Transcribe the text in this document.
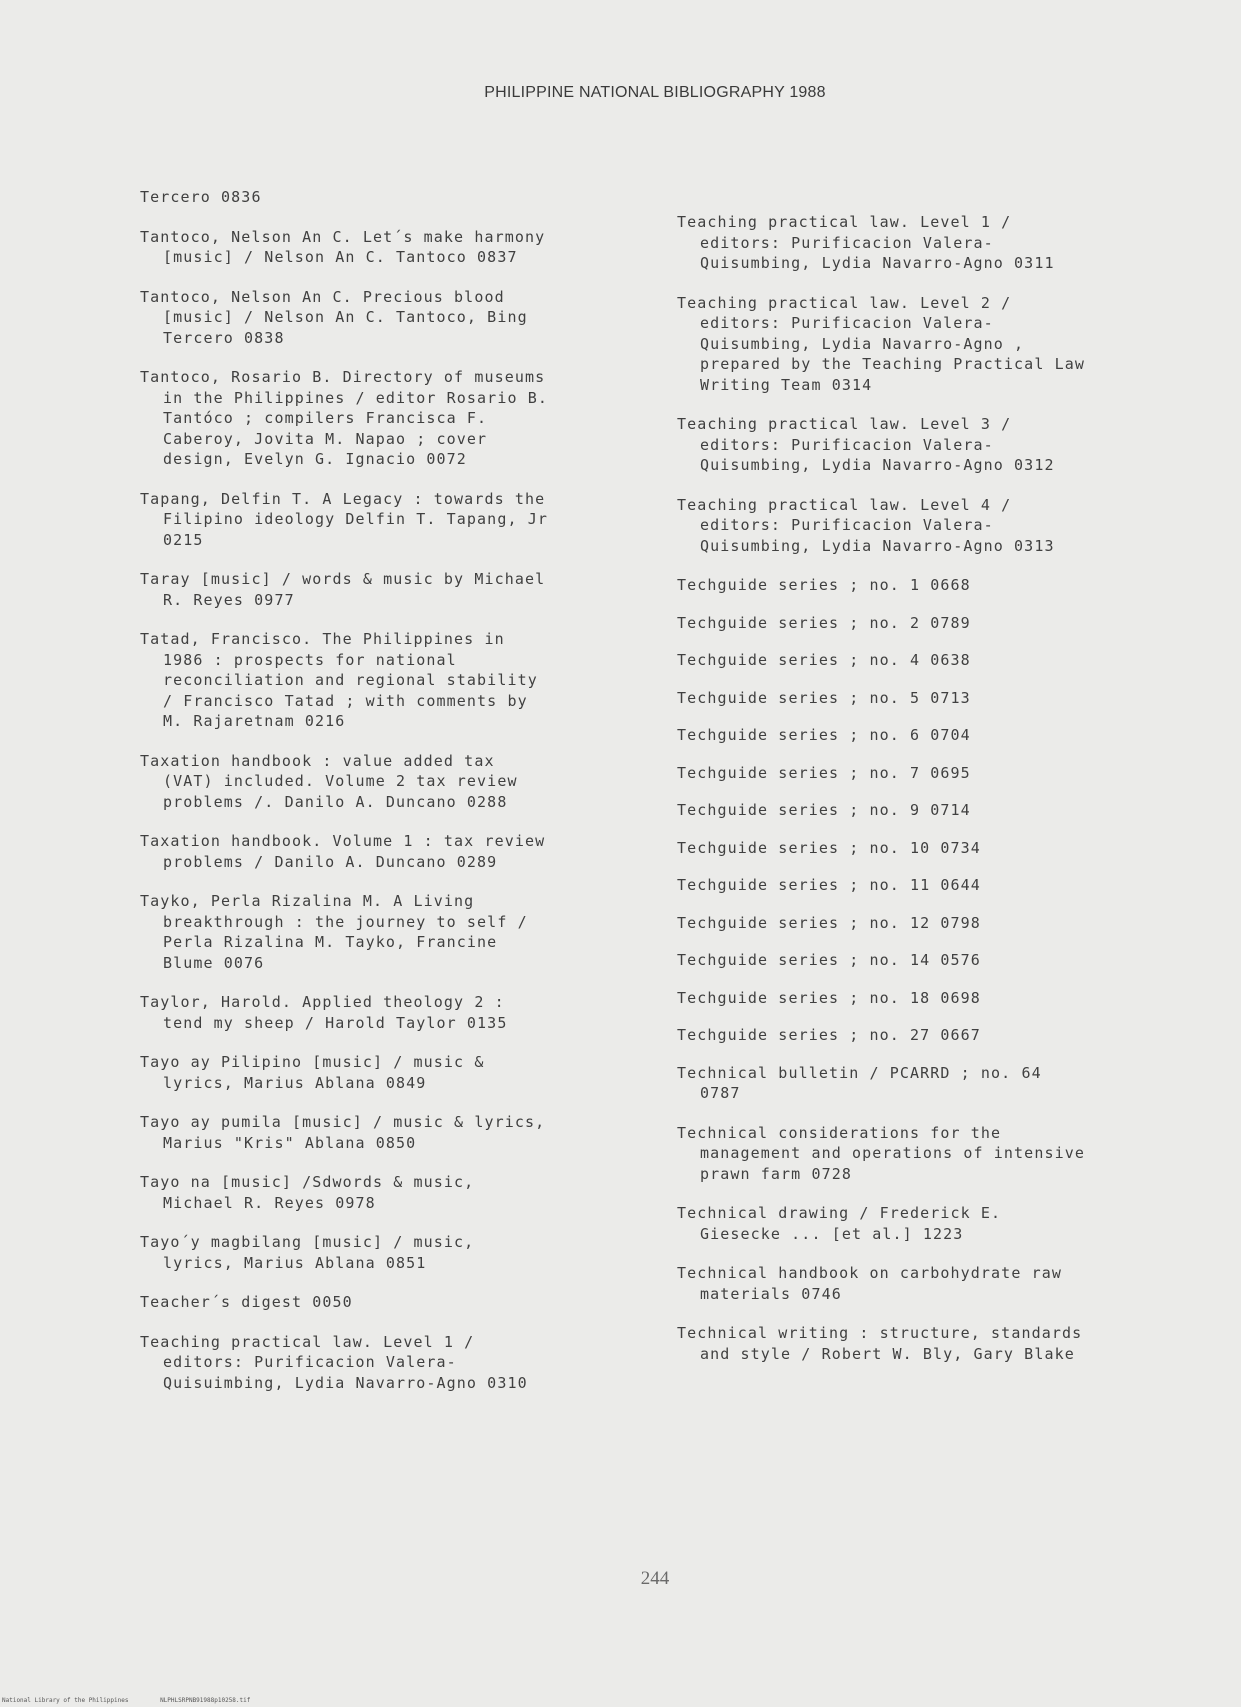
PHILIPPINE NATIONAL BIBLIOGRAPHY 1988
Tercero 0836
Tantoco, Nelson An C. Let´s make harmony
[music] / Nelson An C. Tantoco 0837
Tantoco, Nelson An C. Precious blood
[music] / Nelson An C. Tantoco, Bing
Tercero 0838
Tantoco, Rosario B. Directory of museums
in the Philippines / editor Rosario B.
Tantóco ; compilers Francisca F.
Caberoy, Jovita M. Napao ; cover
design, Evelyn G. Ignacio 0072
Tapang, Delfin T. A Legacy : towards the
Filipino ideology Delfin T. Tapang, Jr
0215
Taray [music] / words & music by Michael
R. Reyes 0977
Tatad, Francisco. The Philippines in
1986 : prospects for national
reconciliation and regional stability
/ Francisco Tatad ; with comments by
M. Rajaretnam 0216
Taxation handbook : value added tax
(VAT) included. Volume 2 tax review
problems /. Danilo A. Duncano 0288
Taxation handbook. Volume 1 : tax review
problems / Danilo A. Duncano 0289
Tayko, Perla Rizalina M. A Living
breakthrough : the journey to self /
Perla Rizalina M. Tayko, Francine
Blume 0076
Taylor, Harold. Applied theology 2 :
tend my sheep / Harold Taylor 0135
Tayo ay Pilipino [music] / music &
lyrics, Marius Ablana 0849
Tayo ay pumila [music] / music & lyrics,
Marius "Kris" Ablana 0850
Tayo na [music] /Sdwords & music,
Michael R. Reyes 0978
Tayo´y magbilang [music] / music,
lyrics, Marius Ablana 0851
Teacher´s digest 0050
Teaching practical law. Level 1 /
editors: Purificacion Valera-
Quisuimbing, Lydia Navarro-Agno 0310
Teaching practical law. Level 1 /
editors: Purificacion Valera-
Quisumbing, Lydia Navarro-Agno 0311
Teaching practical law. Level 2 /
editors: Purificacion Valera-
Quisumbing, Lydia Navarro-Agno ,
prepared by the Teaching Practical Law
Writing Team 0314
Teaching practical law. Level 3 /
editors: Purificacion Valera-
Quisumbing, Lydia Navarro-Agno 0312
Teaching practical law. Level 4 /
editors: Purificacion Valera-
Quisumbing, Lydia Navarro-Agno 0313
Techguide series ; no. 1 0668
Techguide series ; no. 2 0789
Techguide series ; no. 4 0638
Techguide series ; no. 5 0713
Techguide series ; no. 6 0704
Techguide series ; no. 7 0695
Techguide series ; no. 9 0714
Techguide series ; no. 10 0734
Techguide series ; no. 11 0644
Techguide series ; no. 12 0798
Techguide series ; no. 14 0576
Techguide series ; no. 18 0698
Techguide series ; no. 27 0667
Technical bulletin / PCARRD ; no. 64
0787
Technical considerations for the
management and operations of intensive
prawn farm 0728
Technical drawing / Frederick E.
Giesecke ... [et al.] 1223
Technical handbook on carbohydrate raw
materials 0746
Technical writing : structure, standards
and style / Robert W. Bly, Gary Blake
244
National Library of the Philippines	NLPHLSRPNB91988p10258.tif
